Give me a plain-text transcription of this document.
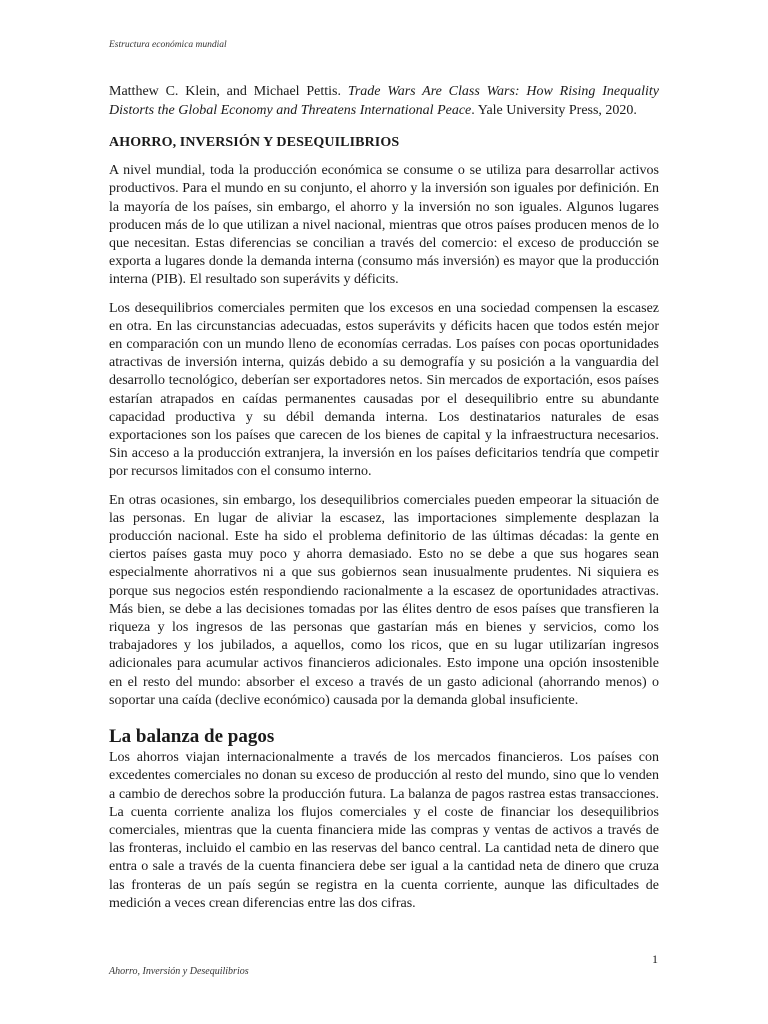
Estructura económica mundial

Matthew C. Klein, and Michael Pettis. Trade Wars Are Class Wars: How Rising Inequality Distorts the Global Economy and Threatens International Peace. Yale University Press, 2020.

AHORRO, INVERSIÓN Y DESEQUILIBRIOS

A nivel mundial, toda la producción económica se consume o se utiliza para desarrollar activos productivos. Para el mundo en su conjunto, el ahorro y la inversión son iguales por definición. En la mayoría de los países, sin embargo, el ahorro y la inversión no son iguales. Algunos lugares producen más de lo que utilizan a nivel nacional, mientras que otros países producen menos de lo que necesitan. Estas diferencias se concilian a través del comercio: el exceso de producción se exporta a lugares donde la demanda interna (consumo más inversión) es mayor que la producción interna (PIB). El resultado son superávits y déficits.

Los desequilibrios comerciales permiten que los excesos en una sociedad compensen la escasez en otra. En las circunstancias adecuadas, estos superávits y déficits hacen que todos estén mejor en comparación con un mundo lleno de economías cerradas. Los países con pocas oportunidades atractivas de inversión interna, quizás debido a su demografía y su posición a la vanguardia del desarrollo tecnológico, deberían ser exportadores netos. Sin mercados de exportación, esos países estarían atrapados en caídas permanentes causadas por el desequilibrio entre su abundante capacidad productiva y su débil demanda interna. Los destinatarios naturales de esas exportaciones son los países que carecen de los bienes de capital y la infraestructura necesarios. Sin acceso a la producción extranjera, la inversión en los países deficitarios tendría que competir por recursos limitados con el consumo interno.

En otras ocasiones, sin embargo, los desequilibrios comerciales pueden empeorar la situación de las personas. En lugar de aliviar la escasez, las importaciones simplemente desplazan la producción nacional. Este ha sido el problema definitorio de las últimas décadas: la gente en ciertos países gasta muy poco y ahorra demasiado. Esto no se debe a que sus hogares sean especialmente ahorrativos ni a que sus gobiernos sean inusualmente prudentes. Ni siquiera es porque sus negocios estén respondiendo racionalmente a la escasez de oportunidades atractivas. Más bien, se debe a las decisiones tomadas por las élites dentro de esos países que transfieren la riqueza y los ingresos de las personas que gastarían más en bienes y servicios, como los trabajadores y los jubilados, a aquellos, como los ricos, que en su lugar utilizarían ingresos adicionales para acumular activos financieros adicionales. Esto impone una opción insostenible en el resto del mundo: absorber el exceso a través de un gasto adicional (ahorrando menos) o soportar una caída (declive económico) causada por la demanda global insuficiente.

La balanza de pagos

Los ahorros viajan internacionalmente a través de los mercados financieros. Los países con excedentes comerciales no donan su exceso de producción al resto del mundo, sino que lo venden a cambio de derechos sobre la producción futura. La balanza de pagos rastrea estas transacciones. La cuenta corriente analiza los flujos comerciales y el coste de financiar los desequilibrios comerciales, mientras que la cuenta financiera mide las compras y ventas de activos a través de las fronteras, incluido el cambio en las reservas del banco central. La cantidad neta de dinero que entra o sale a través de la cuenta financiera debe ser igual a la cantidad neta de dinero que cruza las fronteras de un país según se registra en la cuenta corriente, aunque las dificultades de medición a veces crean diferencias entre las dos cifras.

1
Ahorro, Inversión y Desequilibrios
